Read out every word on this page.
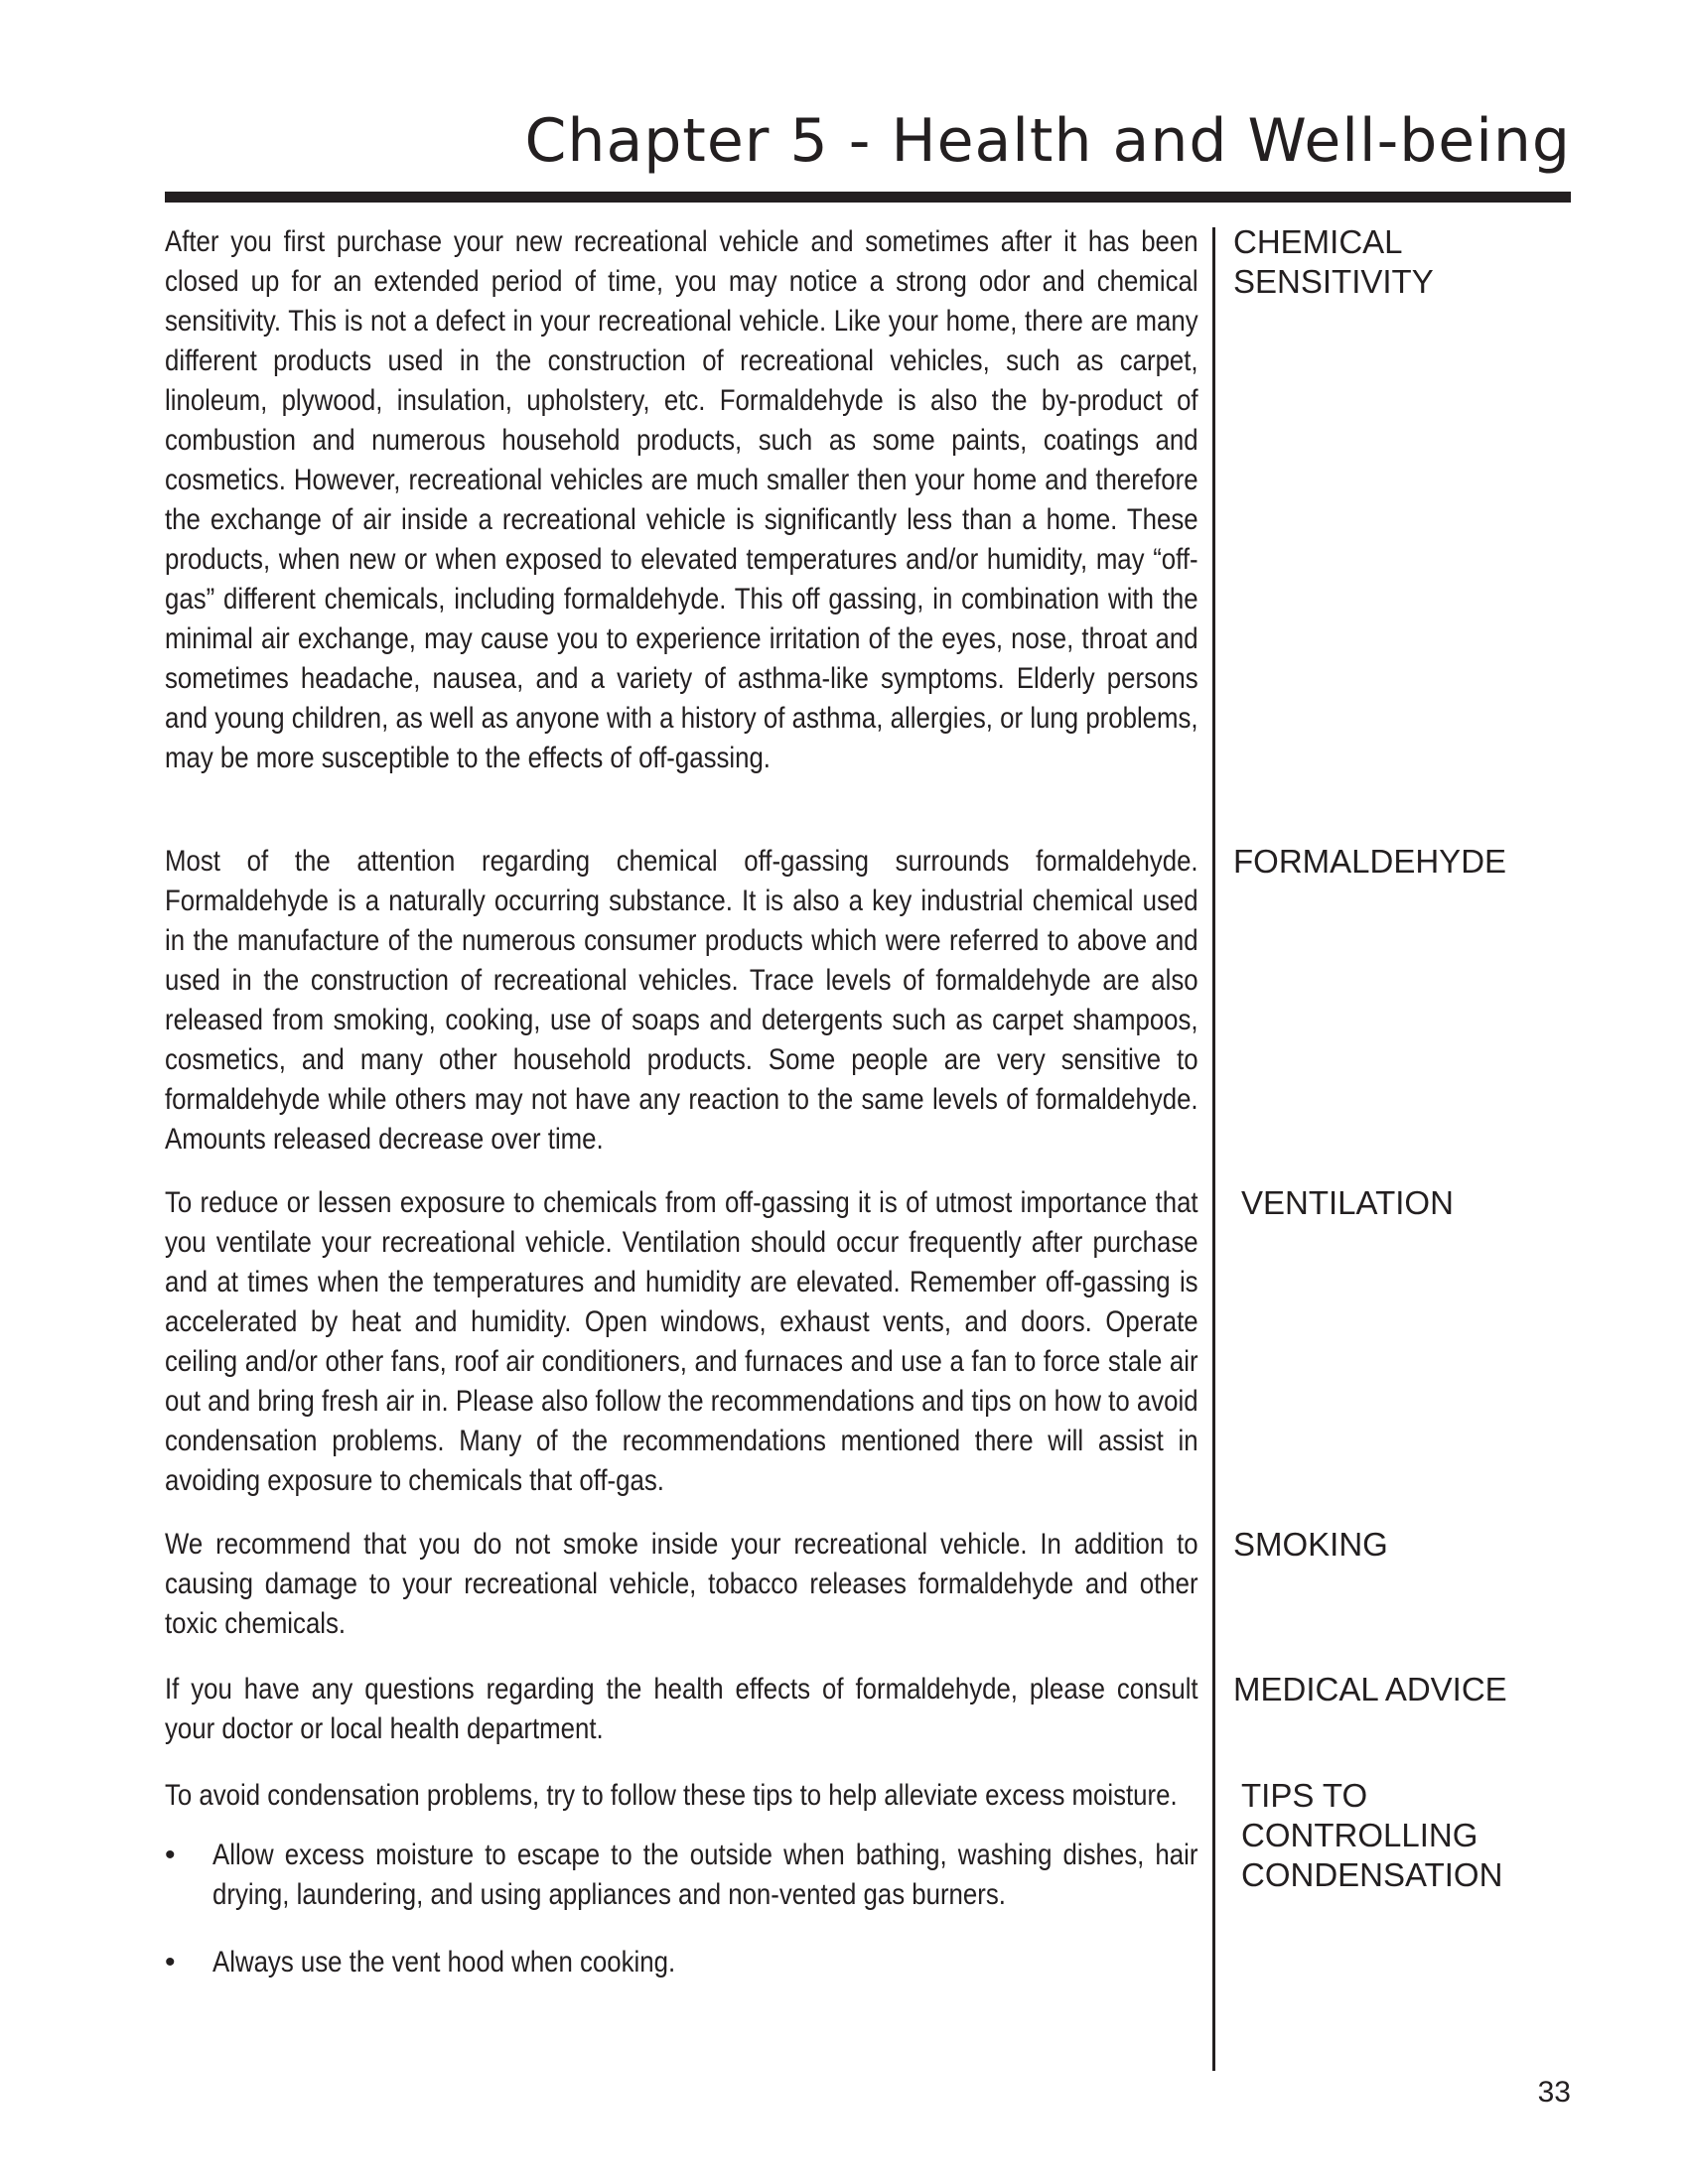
Chapter 5 - Health and Well-being

After you first purchase your new recreational vehicle and sometimes after it has been closed up for an extended period of time, you may notice a strong odor and chemical sensitivity. This is not a defect in your recreational vehicle. Like your home, there are many different products used in the construction of recreational vehicles, such as carpet, linoleum, plywood, insulation, upholstery, etc. Formaldehyde is also the by-product of combustion and numerous household products, such as some paints, coatings and cosmetics. However, recreational vehicles are much smaller then your home and therefore the exchange of air inside a recreational vehicle is significantly less than a home. These products, when new or when exposed to elevated temperatures and/or humidity, may “off-gas” different chemicals, including formaldehyde. This off gassing, in combination with the minimal air exchange, may cause you to experience irritation of the eyes, nose, throat and sometimes headache, nausea, and a variety of asthma-like symptoms. Elderly persons and young children, as well as anyone with a history of asthma, allergies, or lung problems, may be more susceptible to the effects of off-gassing.

CHEMICAL
SENSITIVITY

Most of the attention regarding chemical off-gassing surrounds formaldehyde. Formaldehyde is a naturally occurring substance. It is also a key industrial chemical used in the manufacture of the numerous consumer products which were referred to above and used in the construction of recreational vehicles. Trace levels of formaldehyde are also released from smoking, cooking, use of soaps and detergents such as carpet shampoos, cosmetics, and many other household products. Some people are very sensitive to formaldehyde while others may not have any reaction to the same levels of formaldehyde. Amounts released decrease over time.

FORMALDEHYDE

To reduce or lessen exposure to chemicals from off-gassing it is of utmost importance that you ventilate your recreational vehicle. Ventilation should occur frequently after purchase and at times when the temperatures and humidity are elevated. Remember off-gassing is accelerated by heat and humidity. Open windows, exhaust vents, and doors. Operate ceiling and/or other fans, roof air conditioners, and furnaces and use a fan to force stale air out and bring fresh air in. Please also follow the recommendations and tips on how to avoid condensation problems. Many of the recommendations mentioned there will assist in avoiding exposure to chemicals that off-gas.

VENTILATION

We recommend that you do not smoke inside your recreational vehicle. In addition to causing damage to your recreational vehicle, tobacco releases formaldehyde and other toxic chemicals.

SMOKING

If you have any questions regarding the health effects of formaldehyde, please consult your doctor or local health department.

MEDICAL ADVICE

To avoid condensation problems, try to follow these tips to help alleviate excess moisture.	TIPS TO
CONTROLLING
CONDENSATION

• Allow excess moisture to escape to the outside when bathing, washing dishes, hair drying, laundering, and using appliances and non-vented gas burners.

• Always use the vent hood when cooking.

33
